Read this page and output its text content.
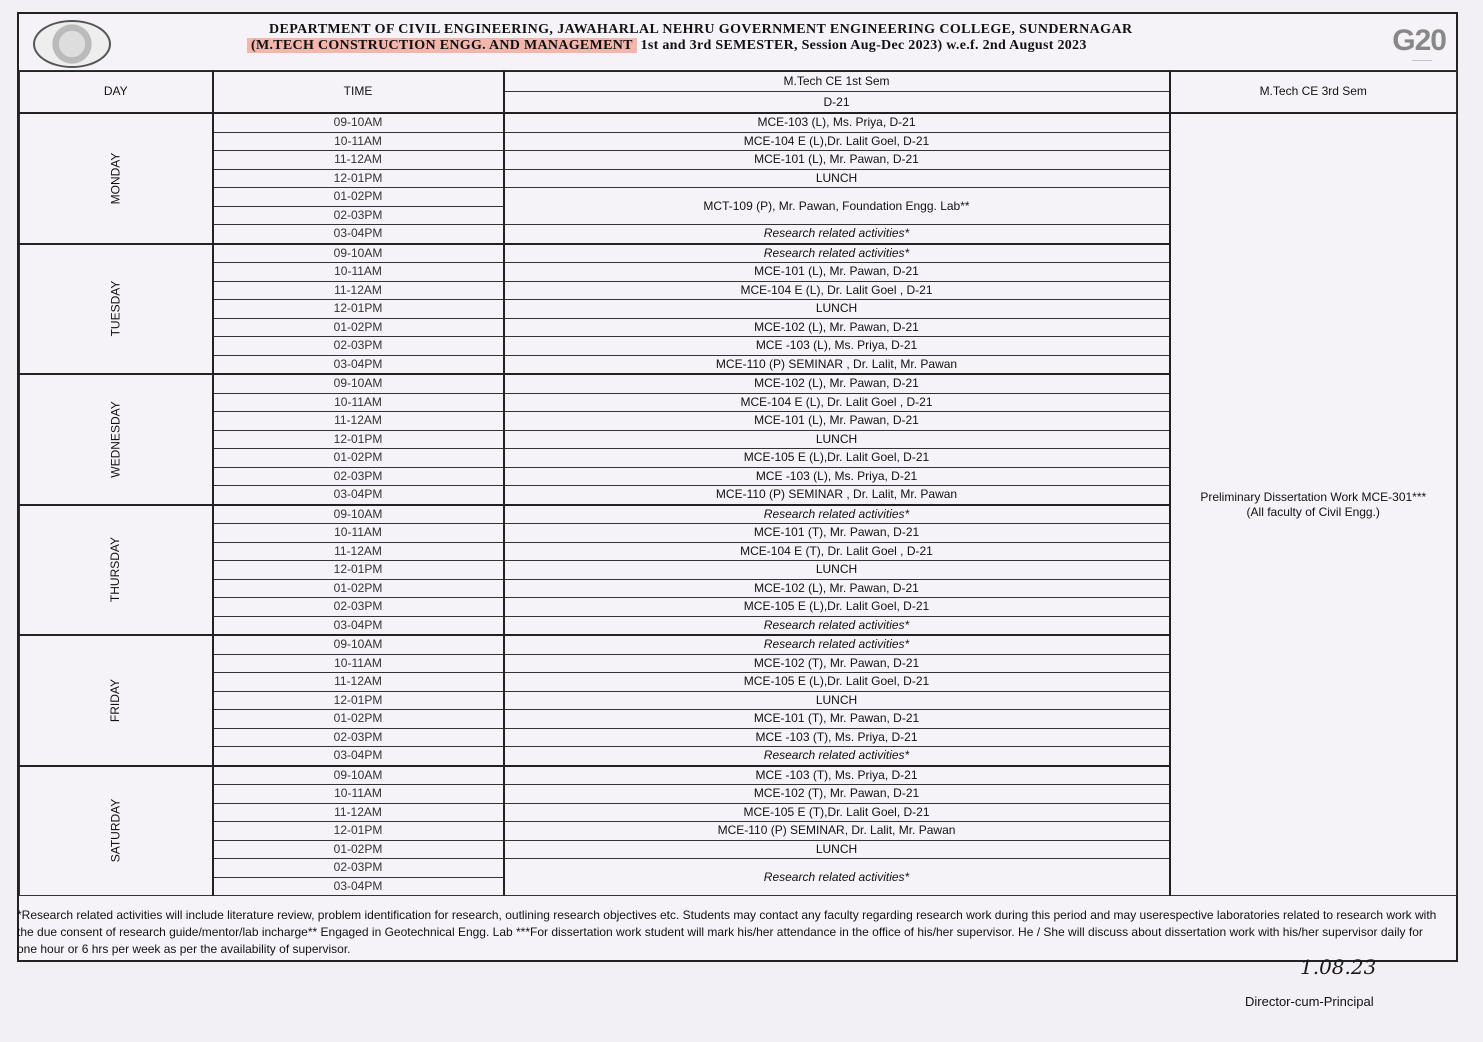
DEPARTMENT OF CIVIL ENGINEERING, JAWAHARLAL NEHRU GOVERNMENT ENGINEERING COLLEGE, SUNDERNAGAR
(M.TECH CONSTRUCTION ENGG. AND MANAGEMENT 1st and 3rd SEMESTER, Session Aug-Dec 2023) w.e.f. 2nd August 2023	G20
————
DAY	TIME	M.Tech CE 1st Sem	M.Tech CE 3rd Sem
		D-21	
MONDAY	09-10AM	MCE-103 (L), Ms. Priya, D-21	Preliminary Dissertation Work MCE-301***
(All faculty of Civil Engg.)

	10-11AM	MCE-104 E (L),Dr. Lalit Goel, D-21	
	11-12AM	MCE-101 (L), Mr. Pawan, D-21	
	12-01PM	LUNCH	
	01-02PM	MCT-109 (P), Mr. Pawan, Foundation Engg. Lab**	
	02-03PM		
	03-04PM	Research related activities*	
TUESDAY	09-10AM	Research related activities*	
	10-11AM	MCE-101 (L), Mr. Pawan, D-21	
	11-12AM	MCE-104 E (L), Dr. Lalit Goel , D-21	
	12-01PM	LUNCH	
	01-02PM	MCE-102 (L), Mr. Pawan, D-21	
	02-03PM	MCE -103 (L), Ms. Priya, D-21	
	03-04PM	MCE-110 (P) SEMINAR , Dr. Lalit, Mr. Pawan	
WEDNESDAY	09-10AM	MCE-102 (L), Mr. Pawan, D-21	
	10-11AM	MCE-104 E (L), Dr. Lalit Goel , D-21	
	11-12AM	MCE-101 (L), Mr. Pawan, D-21	
	12-01PM	LUNCH	
	01-02PM	MCE-105 E (L),Dr. Lalit Goel, D-21	
	02-03PM	MCE -103 (L), Ms. Priya, D-21	
	03-04PM	MCE-110 (P) SEMINAR , Dr. Lalit, Mr. Pawan	
THURSDAY	09-10AM	Research related activities*	
	10-11AM	MCE-101 (T), Mr. Pawan, D-21	
	11-12AM	MCE-104 E (T), Dr. Lalit Goel , D-21	
	12-01PM	LUNCH	
	01-02PM	MCE-102 (L), Mr. Pawan, D-21	
	02-03PM	MCE-105 E (L),Dr. Lalit Goel, D-21	
	03-04PM	Research related activities*	
FRIDAY	09-10AM	Research related activities*	
	10-11AM	MCE-102 (T), Mr. Pawan, D-21	
	11-12AM	MCE-105 E (L),Dr. Lalit Goel, D-21	
	12-01PM	LUNCH	
	01-02PM	MCE-101 (T), Mr. Pawan, D-21	
	02-03PM	MCE -103 (T), Ms. Priya, D-21	
	03-04PM	Research related activities*	
SATURDAY	09-10AM	MCE -103 (T), Ms. Priya, D-21	
	10-11AM	MCE-102 (T), Mr. Pawan, D-21	
	11-12AM	MCE-105 E (T),Dr. Lalit Goel, D-21	
	12-01PM	MCE-110 (P) SEMINAR, Dr. Lalit, Mr. Pawan	
	01-02PM	LUNCH	
	02-03PM	Research related activities*	
	03-04PM		
*Research related activities will include literature review, problem identification for research, outlining research objectives etc. Students may contact any faculty regarding research work during this period and may userespective laboratories related to research work with the due consent of research guide/mentor/lab incharge** Engaged in Geotechnical Engg. Lab ***For dissertation work student will mark his/her attendance in the office of his/her supervisor. He / She will discuss about dissertation work with his/her supervisor daily for one hour or 6 hrs per week as per the availability of supervisor.
1.08.23
Director-cum-Principal
